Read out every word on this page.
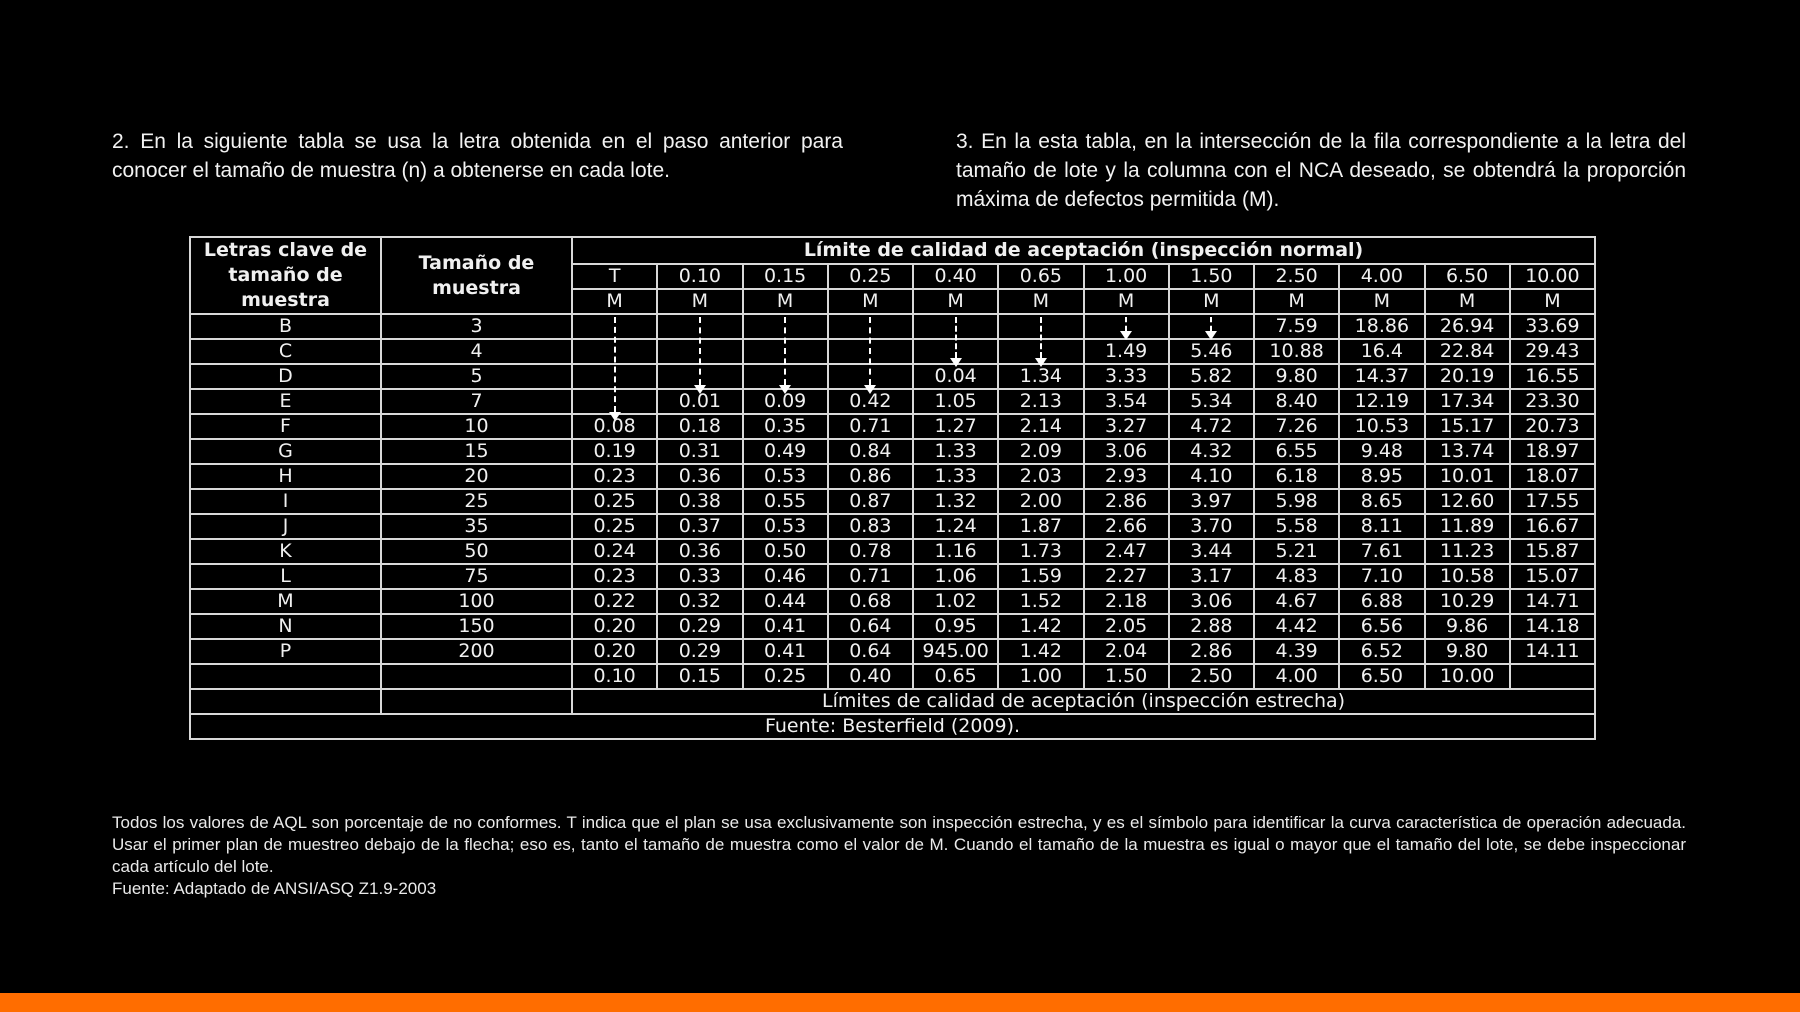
2. En la siguiente tabla se usa la letra obtenida en el paso anterior para conocer el tamaño de muestra (n) a obtenerse en cada lote.

3. En la esta tabla, en la intersección de la fila correspondiente a la letra del tamaño de lote y la columna con el NCA deseado, se obtendrá la proporción máxima de defectos permitida (M).

Letras clave de tamaño de muestra	Tamaño de muestra	Límite de calidad de aceptación (inspección normal)											
		T	0.10	0.15	0.25	0.40	0.65	1.00	1.50	2.50	4.00	6.50	10.00
		M	M	M	M	M	M	M	M	M	M	M	M
B	3									7.59	18.86	26.94	33.69
C	4							1.49	5.46	10.88	16.4	22.84	29.43
D	5					0.04	1.34	3.33	5.82	9.80	14.37	20.19	16.55
E	7		0.01	0.09	0.42	1.05	2.13	3.54	5.34	8.40	12.19	17.34	23.30
F	10	0.08	0.18	0.35	0.71	1.27	2.14	3.27	4.72	7.26	10.53	15.17	20.73
G	15	0.19	0.31	0.49	0.84	1.33	2.09	3.06	4.32	6.55	9.48	13.74	18.97
H	20	0.23	0.36	0.53	0.86	1.33	2.03	2.93	4.10	6.18	8.95	10.01	18.07
I	25	0.25	0.38	0.55	0.87	1.32	2.00	2.86	3.97	5.98	8.65	12.60	17.55
J	35	0.25	0.37	0.53	0.83	1.24	1.87	2.66	3.70	5.58	8.11	11.89	16.67
K	50	0.24	0.36	0.50	0.78	1.16	1.73	2.47	3.44	5.21	7.61	11.23	15.87
L	75	0.23	0.33	0.46	0.71	1.06	1.59	2.27	3.17	4.83	7.10	10.58	15.07
M	100	0.22	0.32	0.44	0.68	1.02	1.52	2.18	3.06	4.67	6.88	10.29	14.71
N	150	0.20	0.29	0.41	0.64	0.95	1.42	2.05	2.88	4.42	6.56	9.86	14.18
P	200	0.20	0.29	0.41	0.64	945.00	1.42	2.04	2.86	4.39	6.52	9.80	14.11
		0.10	0.15	0.25	0.40	0.65	1.00	1.50	2.50	4.00	6.50	10.00	
		Límites de calidad de aceptación (inspección estrecha)											
Fuente: Besterfield (2009).													

Todos los valores de AQL son porcentaje de no conformes. T indica que el plan se usa exclusivamente son inspección estrecha, y es el símbolo para identificar la curva característica de operación adecuada. Usar el primer plan de muestreo debajo de la flecha; eso es, tanto el tamaño de muestra como el valor de M. Cuando el tamaño de la muestra es igual o mayor que el tamaño del lote, se debe inspeccionar cada artículo del lote.

Fuente: Adaptado de ANSI/ASQ Z1.9-2003
